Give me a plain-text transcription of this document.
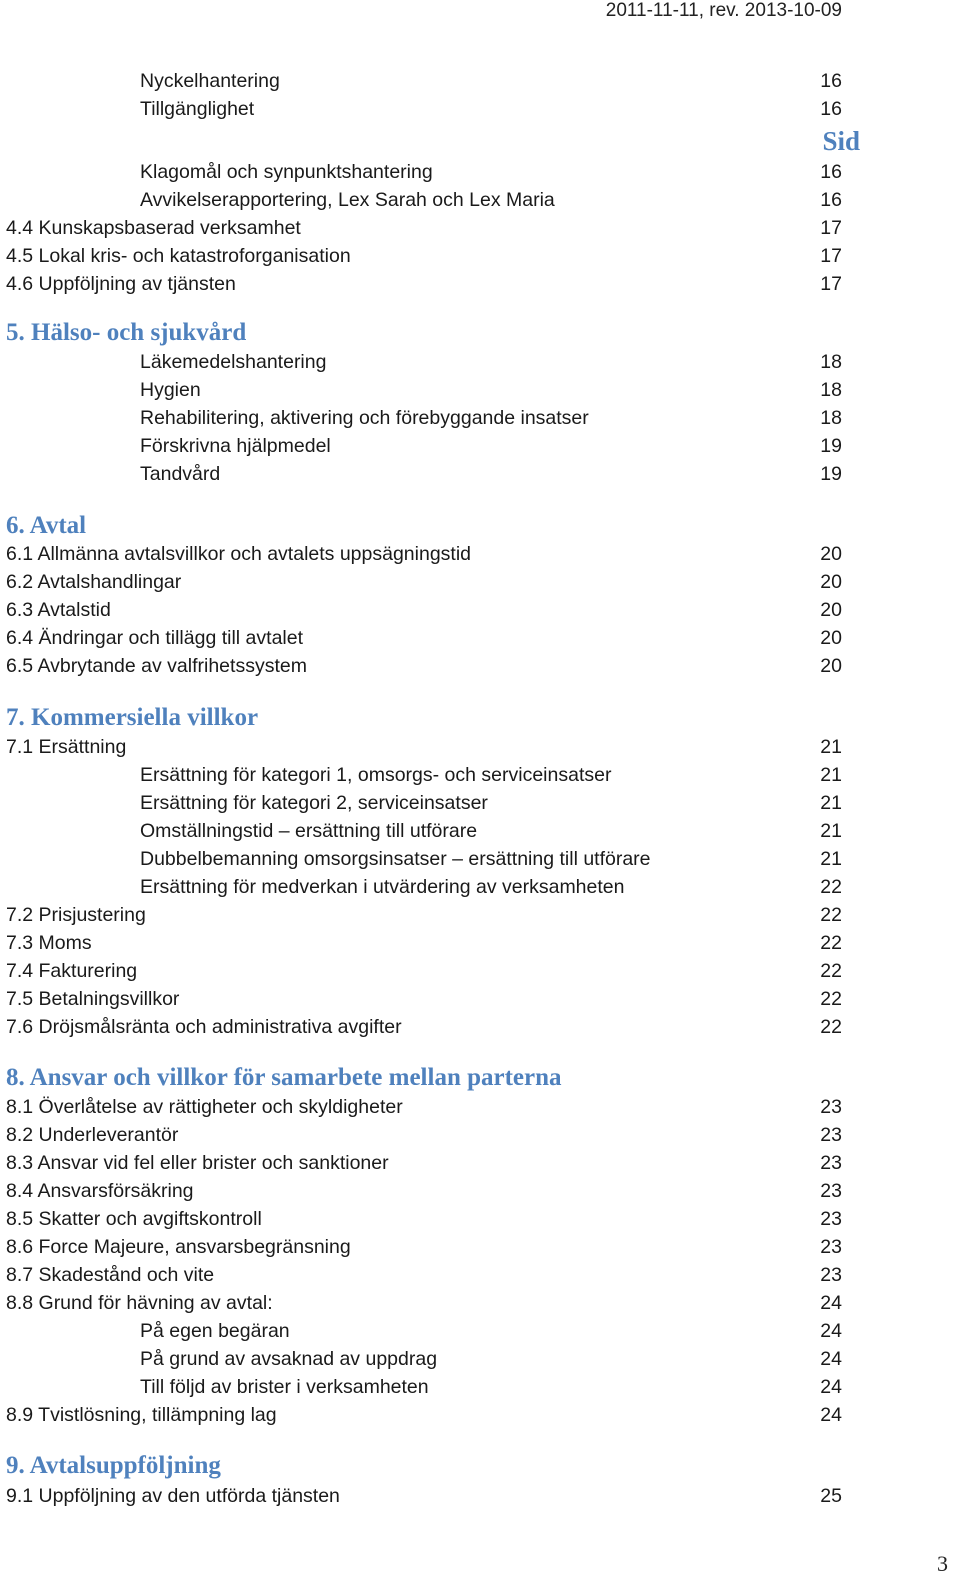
2011-11-11, rev. 2013-10-09
Nyckelhantering	16
Tillgänglighet	16
Sid
Klagomål och synpunktshantering	16
Avvikelserapportering, Lex Sarah och Lex Maria	16
4.4 Kunskapsbaserad verksamhet	17
4.5 Lokal kris- och katastroforganisation	17
4.6 Uppföljning av tjänsten	17
5. Hälso- och sjukvård
Läkemedelshantering	18
Hygien	18
Rehabilitering, aktivering och förebyggande insatser	18
Förskrivna hjälpmedel	19
Tandvård	19
6. Avtal
6.1 Allmänna avtalsvillkor och avtalets uppsägningstid	20
6.2 Avtalshandlingar	20
6.3 Avtalstid	20
6.4 Ändringar och tillägg till avtalet	20
6.5 Avbrytande av valfrihetssystem	20
7. Kommersiella villkor
7.1 Ersättning	21
Ersättning för kategori 1, omsorgs- och serviceinsatser	21
Ersättning för kategori 2, serviceinsatser	21
Omställningstid – ersättning till utförare	21
Dubbelbemanning omsorgsinsatser – ersättning till utförare	21
Ersättning för medverkan i utvärdering av verksamheten	22
7.2 Prisjustering	22
7.3 Moms	22
7.4 Fakturering	22
7.5 Betalningsvillkor	22
7.6 Dröjsmålsränta och administrativa avgifter	22
8. Ansvar och villkor för samarbete mellan parterna
8.1 Överlåtelse av rättigheter och skyldigheter	23
8.2 Underleverantör	23
8.3 Ansvar vid fel eller brister och sanktioner	23
8.4 Ansvarsförsäkring	23
8.5 Skatter och avgiftskontroll	23
8.6 Force Majeure, ansvarsbegränsning	23
8.7 Skadestånd och vite	23
8.8 Grund för hävning av avtal:	24
På egen begäran	24
På grund av avsaknad av uppdrag	24
Till följd av brister i verksamheten	24
8.9 Tvistlösning, tillämpning lag	24
9. Avtalsuppföljning
9.1 Uppföljning av den utförda tjänsten	25
3
